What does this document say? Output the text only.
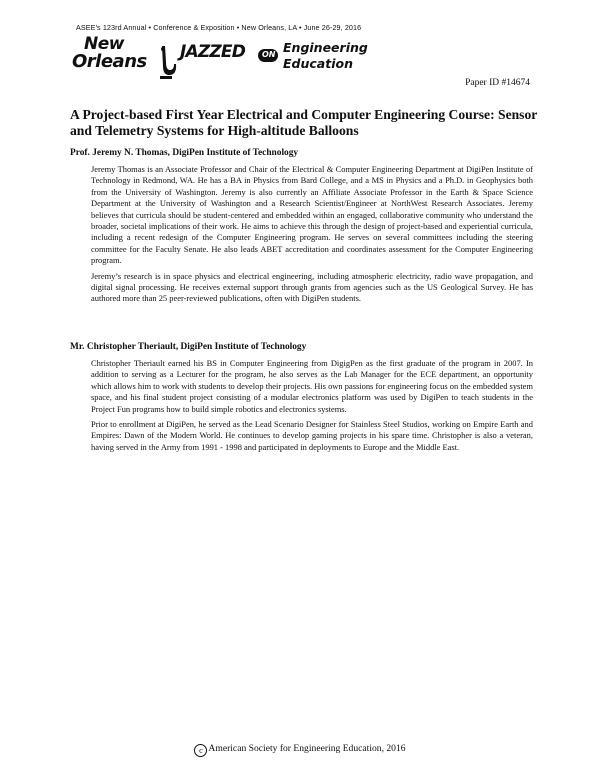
ASEE's 123rd Annual • Conference & Exposition • New Orleans, LA • June 26-29, 2016
New
Orleans JAZZED ON Engineering
Education
Paper ID #14674
A Project-based First Year Electrical and Computer Engineering Course: Sensor and Telemetry Systems for High-altitude Balloons
Prof. Jeremy N. Thomas, DigiPen Institute of Technology

Jeremy Thomas is an Associate Professor and Chair of the Electrical & Computer Engineering Department at DigiPen Institute of Technology in Redmond, WA. He has a BA in Physics from Bard College, and a MS in Physics and a Ph.D. in Geophysics both from the University of Washington. Jeremy is also currently an Affiliate Associate Professor in the Earth & Space Science Department at the University of Washington and a Research Scientist/Engineer at NorthWest Research Associates. Jeremy believes that curricula should be student-centered and embedded within an engaged, collaborative community who understand the broader, societal implications of their work. He aims to achieve this through the design of project-based and experiential curricula, including a recent redesign of the Computer Engineering program. He serves on several committees including the steering committee for the Faculty Senate. He also leads ABET accreditation and coordinates assessment for the Computer Engineering program.

Jeremy’s research is in space physics and electrical engineering, including atmospheric electricity, radio wave propagation, and digital signal processing. He receives external support through grants from agencies such as the US Geological Survey. He has authored more than 25 peer-reviewed publications, often with DigiPen students.

Mr. Christopher Theriault, DigiPen Institute of Technology

Christopher Theriault earned his BS in Computer Engineering from DigigPen as the first graduate of the program in 2007. In addition to serving as a Lecturer for the program, he also serves as the Lab Manager for the ECE department, an opportunity which allows him to work with students to develop their projects. His own passions for engineering focus on the embedded system space, and his final student project consisting of a modular electronics platform was used by DigiPen to teach students in the Project Fun programs how to build simple robotics and electronics systems.

Prior to enrollment at DigiPen, he served as the Lead Scenario Designer for Stainless Steel Studios, working on Empire Earth and Empires: Dawn of the Modern World. He continues to develop gaming projects in his spare time. Christopher is also a veteran, having served in the Army from 1991 - 1998 and participated in deployments to Europe and the Middle East.

c American Society for Engineering Education, 2016
